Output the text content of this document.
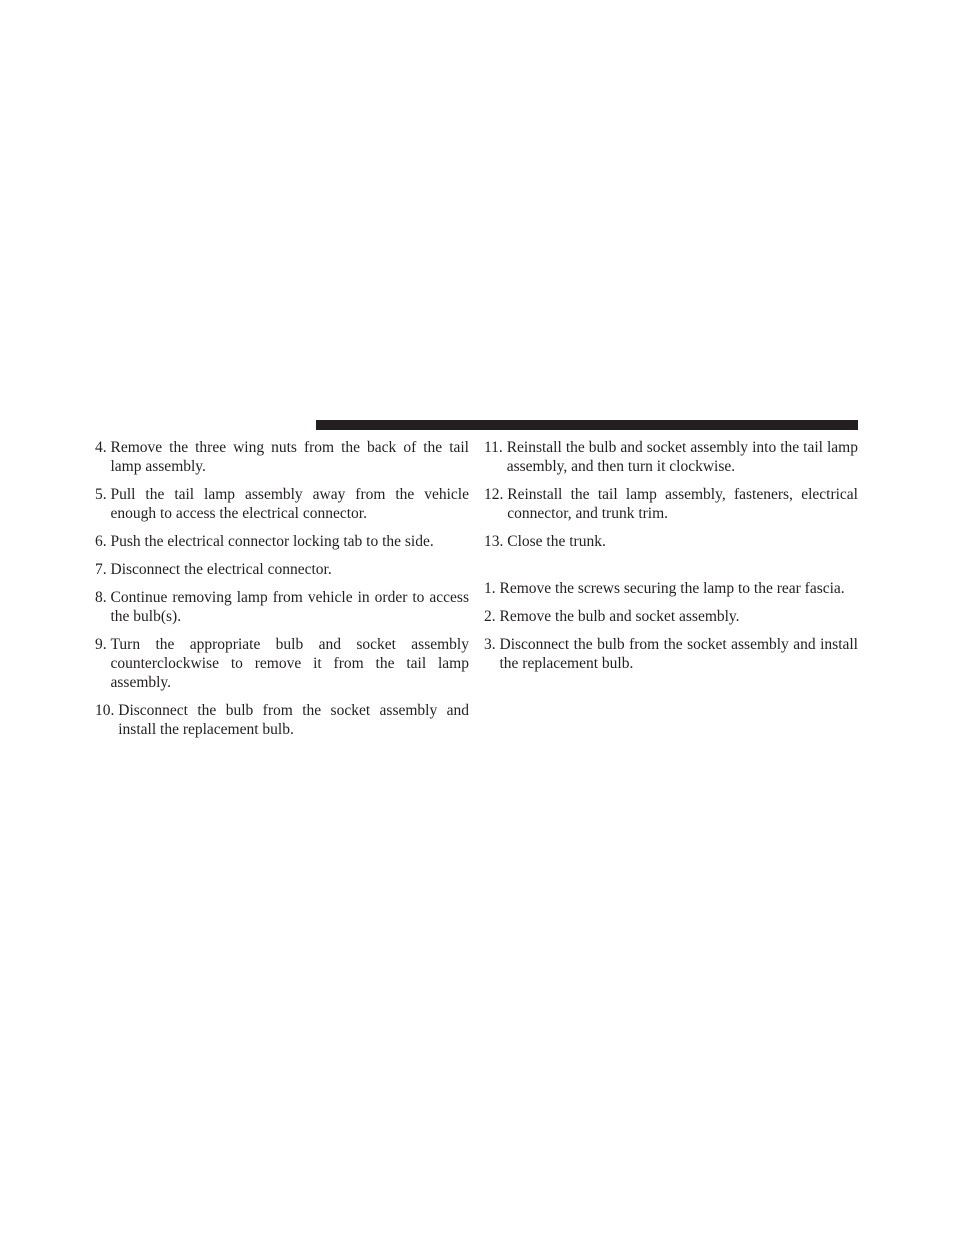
4. Remove the three wing nuts from the back of the tail lamp assembly.
5. Pull the tail lamp assembly away from the vehicle enough to access the electrical connector.
6. Push the electrical connector locking tab to the side.
7. Disconnect the electrical connector.
8. Continue removing lamp from vehicle in order to access the bulb(s).
9. Turn the appropriate bulb and socket assembly counterclockwise to remove it from the tail lamp assembly.
10. Disconnect the bulb from the socket assembly and install the replacement bulb.
11. Reinstall the bulb and socket assembly into the tail lamp assembly, and then turn it clockwise.
12. Reinstall the tail lamp assembly, fasteners, electrical connector, and trunk trim.
13. Close the trunk.
1. Remove the screws securing the lamp to the rear fascia.
2. Remove the bulb and socket assembly.
3. Disconnect the bulb from the socket assembly and install the replacement bulb.
